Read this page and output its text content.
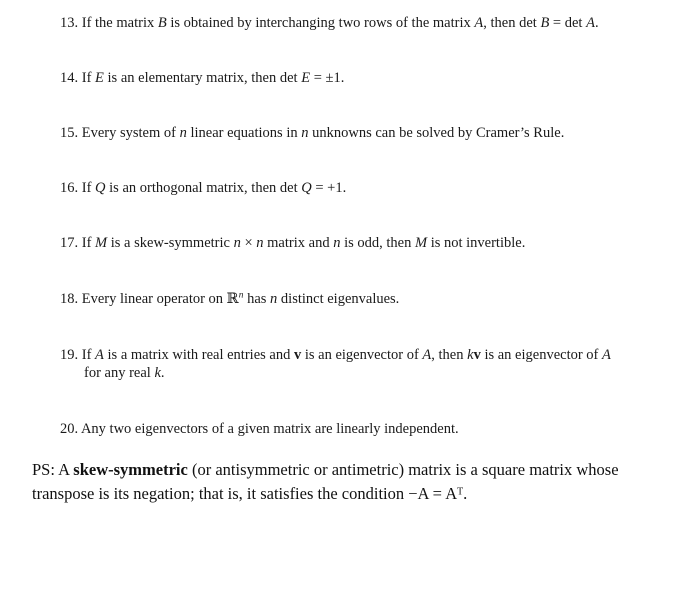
13. If the matrix B is obtained by interchanging two rows of the matrix A, then det B = det A.
14. If E is an elementary matrix, then det E = ±1.
15. Every system of n linear equations in n unknowns can be solved by Cramer’s Rule.
16. If Q is an orthogonal matrix, then det Q = +1.
17. If M is a skew-symmetric n × n matrix and n is odd, then M is not invertible.
18. Every linear operator on ℝ$^n$ has n distinct eigenvalues.
19. If A is a matrix with real entries and v is an eigenvector of A, then kv is an eigenvector of A
for any real k.
20. Any two eigenvectors of a given matrix are linearly independent.
PS: A skew-symmetric (or antisymmetric or antimetric) matrix is a square matrix whose transpose is its negation; that is, it satisfies the condition −A = Aᵀ.
